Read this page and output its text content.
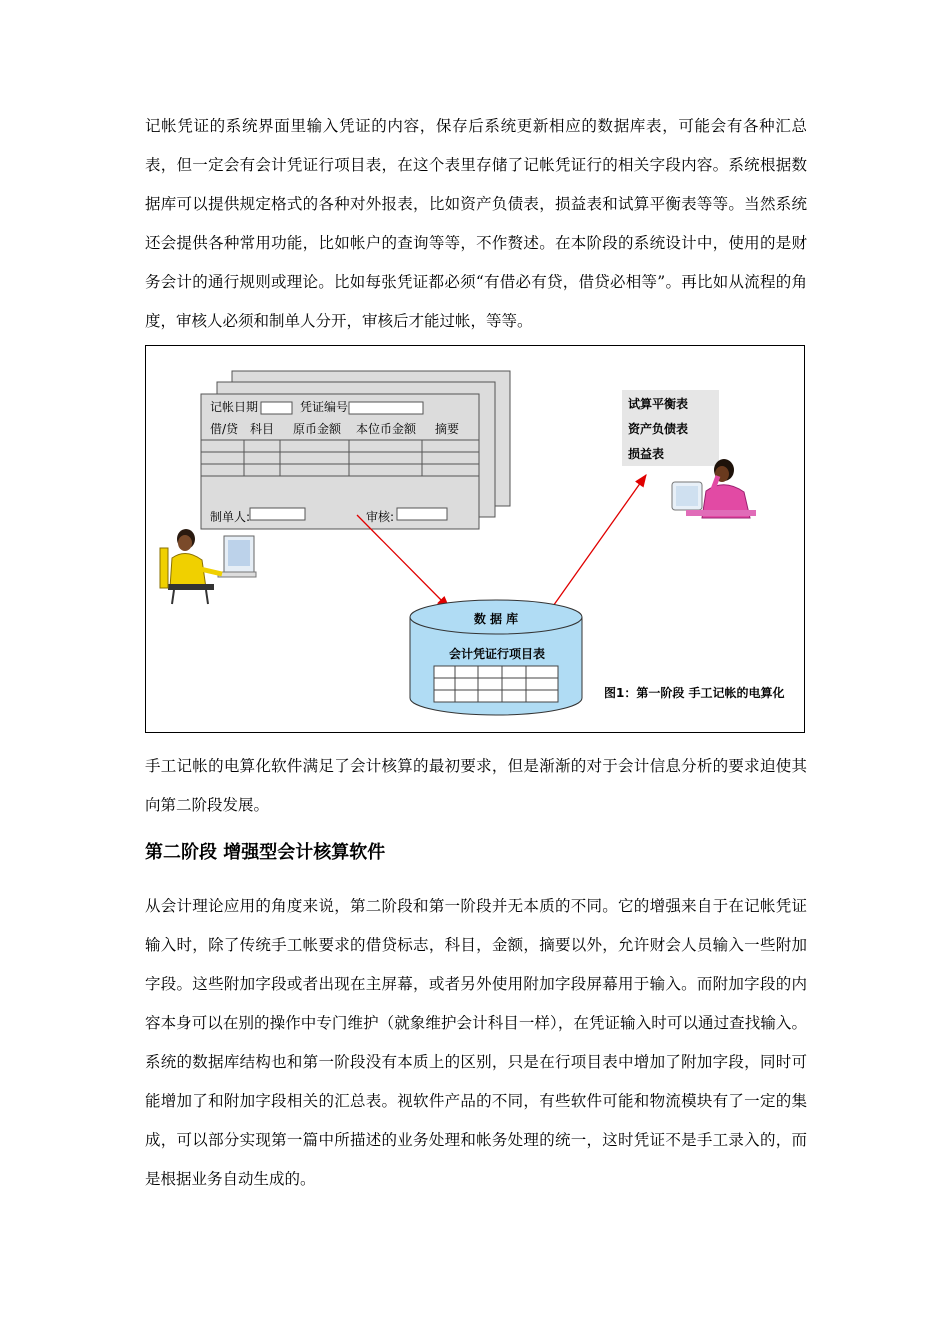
记帐凭证的系统界面里输入凭证的内容，保存后系统更新相应的数据库表，可能会有各种汇总表，但一定会有会计凭证行项目表，在这个表里存储了记帐凭证行的相关字段内容。系统根据数据库可以提供规定格式的各种对外报表，比如资产负债表，损益表和试算平衡表等等。当然系统还会提供各种常用功能，比如帐户的查询等等，不作赘述。在本阶段的系统设计中，使用的是财务会计的通行规则或理论。比如每张凭证都必须“有借必有贷，借贷必相等”。再比如从流程的角度，审核人必须和制单人分开，审核后才能过帐，等等。

记帐日期	凭证编号
借/贷 科目 原币金额 本位币金额 摘要
制单人:	审核:
试算平衡表
资产负债表
损益表
数 据 库
会计凭证行项目表
图1：第一阶段 手工记帐的电算化

手工记帐的电算化软件满足了会计核算的最初要求，但是渐渐的对于会计信息分析的要求迫使其向第二阶段发展。

第二阶段 增强型会计核算软件

从会计理论应用的角度来说，第二阶段和第一阶段并无本质的不同。它的增强来自于在记帐凭证输入时，除了传统手工帐要求的借贷标志，科目，金额，摘要以外，允许财会人员输入一些附加字段。这些附加字段或者出现在主屏幕，或者另外使用附加字段屏幕用于输入。而附加字段的内容本身可以在别的操作中专门维护（就象维护会计科目一样），在凭证输入时可以通过查找输入。系统的数据库结构也和第一阶段没有本质上的区别，只是在行项目表中增加了附加字段，同时可能增加了和附加字段相关的汇总表。视软件产品的不同，有些软件可能和物流模块有了一定的集成，可以部分实现第一篇中所描述的业务处理和帐务处理的统一，这时凭证不是手工录入的，而是根据业务自动生成的。
